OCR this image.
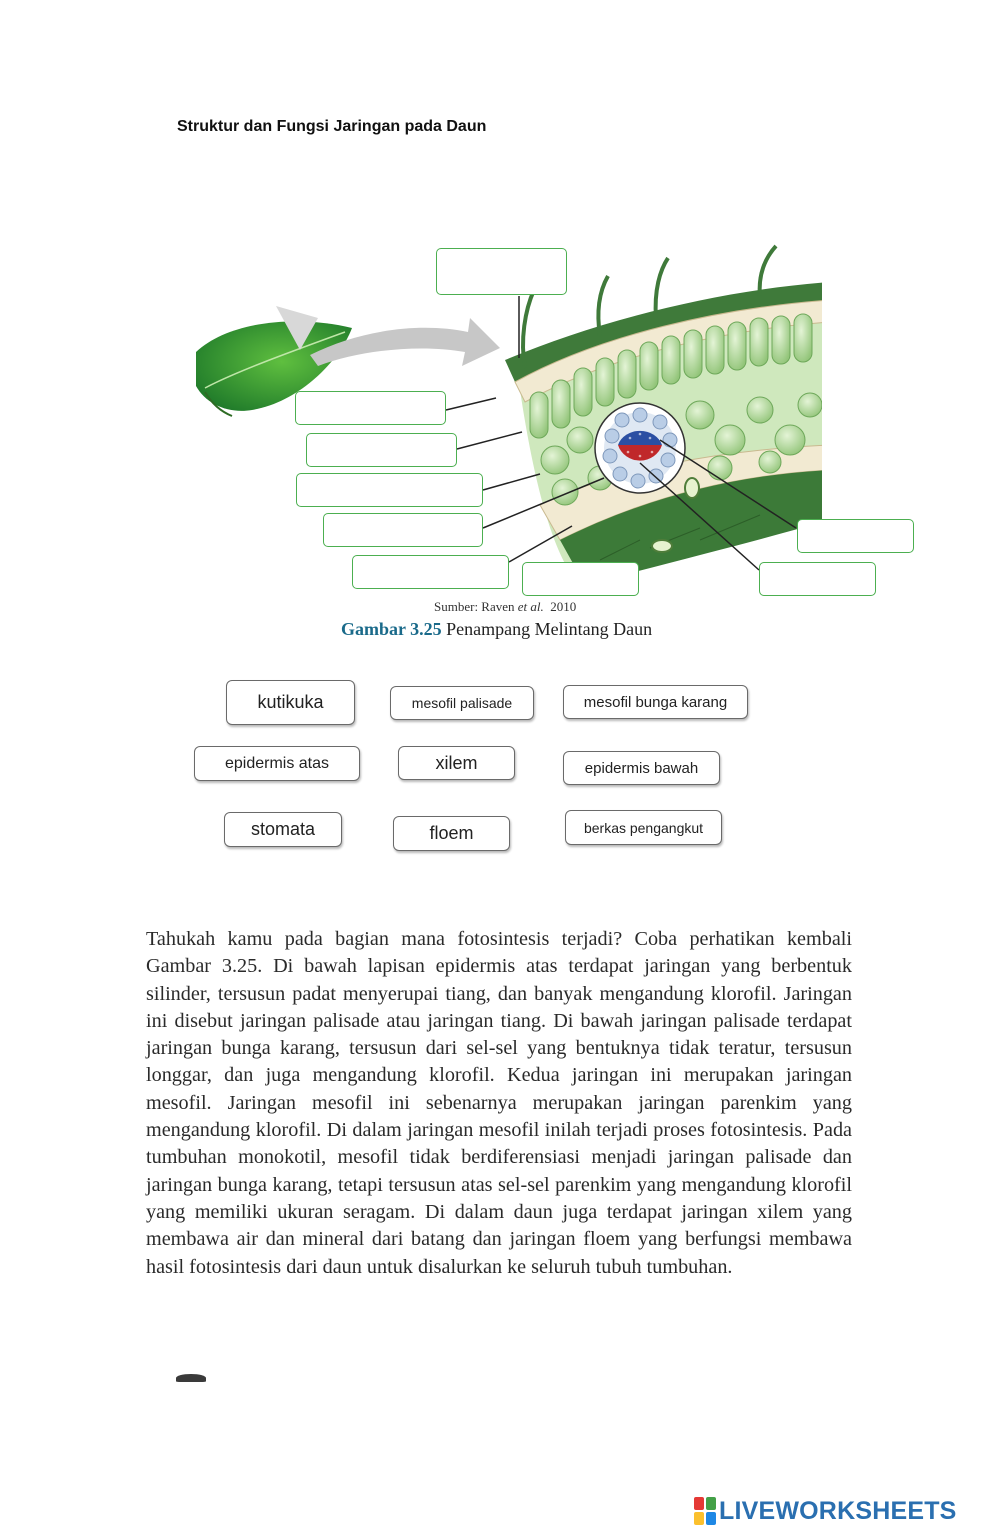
Struktur dan Fungsi Jaringan pada Daun
Sumber: Raven et al.  2010
Gambar 3.25 Penampang Melintang Daun
kutikuka	mesofil palisade	mesofil bunga karang
epidermis atas	xilem	epidermis bawah
stomata	floem	berkas pengangkut

Tahukah kamu pada bagian mana fotosintesis terjadi? Coba perhatikan kembali Gambar 3.25. Di bawah lapisan epidermis atas terdapat jaringan yang berbentuk silinder, tersusun padat menyerupai tiang, dan banyak mengandung klorofil. Jaringan ini disebut jaringan palisade atau jaringan tiang. Di bawah jaringan palisade terdapat jaringan bunga karang, tersusun dari sel-sel yang bentuknya tidak teratur, tersusun longgar, dan juga mengandung klorofil. Kedua jaringan ini merupakan jaringan mesofil. Jaringan mesofil ini sebenarnya merupakan jaringan parenkim yang mengandung klorofil. Di dalam jaringan mesofil inilah terjadi proses fotosintesis. Pada tumbuhan monokotil, mesofil tidak berdiferensiasi menjadi jaringan palisade dan jaringan bunga karang, tetapi tersusun atas sel-sel parenkim yang mengandung klorofil yang memiliki ukuran seragam. Di dalam daun juga terdapat jaringan xilem yang membawa air dan mineral dari batang dan jaringan floem yang berfungsi membawa hasil fotosintesis dari daun untuk disalurkan ke seluruh tubuh tumbuhan.

LIVEWORKSHEETS
